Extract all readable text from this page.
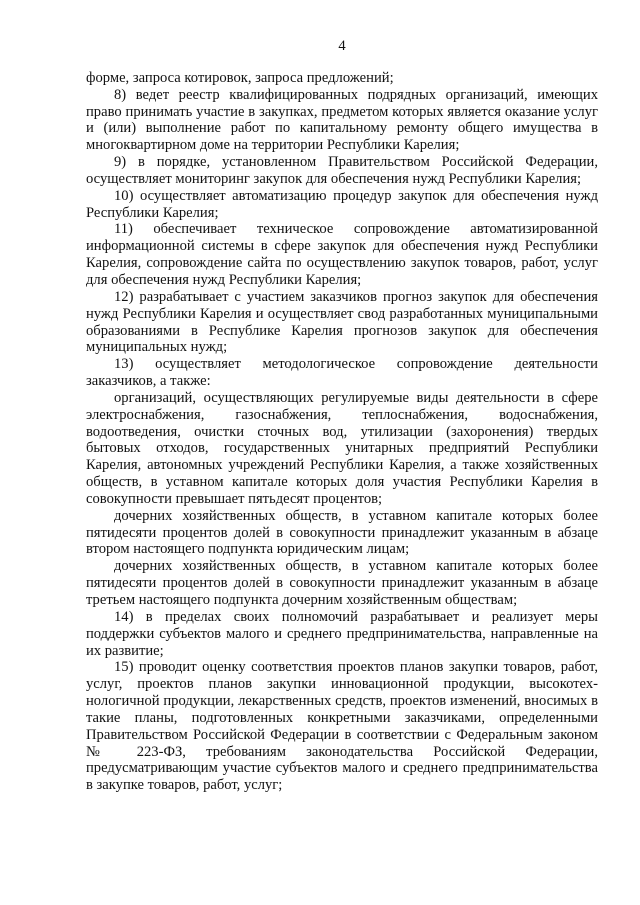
4

форме, запроса котировок, запроса предложений;

8) ведет реестр квалифицированных подрядных организаций, имеющих право принимать участие в закупках, предметом которых является оказание услуг и (или) выполнение работ по капитальному ремонту общего имущества в многоквартирном доме на территории Республики Карелия;

9) в порядке, установленном Правительством Российской Федерации, осуществляет мониторинг закупок для обеспечения нужд Республики Карелия;

10) осуществляет автоматизацию процедур закупок для обеспечения нужд Республики Карелия;

11) обеспечивает техническое сопровождение автоматизированной информационной системы в сфере закупок для обеспечения нужд Республики Карелия, сопровождение сайта по осуществлению закупок товаров, работ, услуг для обеспечения нужд Республики Карелия;

12) разрабатывает с участием заказчиков прогноз закупок для обеспечения нужд Республики Карелия и осуществляет свод разработанных муниципальными образованиями в Республике Карелия прогнозов закупок для обеспечения муниципальных нужд;

13) осуществляет методологическое сопровождение деятельности заказчиков, а также:

организаций, осуществляющих регулируемые виды деятельности в сфере электроснабжения, газоснабжения, теплоснабжения, водоснабжения, водоотведения, очистки сточных вод, утилизации (захоронения) твердых бытовых отходов, государственных унитарных предприятий Республики Карелия, автономных учреждений Республики Карелия, а также хозяйственных обществ, в уставном капитале которых доля участия Республики Карелия в совокупности превышает пятьдесят процентов;

дочерних хозяйственных обществ, в уставном капитале которых более пятидесяти процентов долей в совокупности принадлежит указанным в абзаце втором настоящего подпункта юридическим лицам;

дочерних хозяйственных обществ, в уставном капитале которых более пятидесяти процентов долей в совокупности принадлежит указанным в абзаце третьем настоящего подпункта дочерним хозяйственным обществам;

14) в пределах своих полномочий разрабатывает и реализует меры поддержки субъектов малого и среднего предпринимательства, направленные на их развитие;

15) проводит оценку соответствия проектов планов закупки товаров, работ, услуг, проектов планов закупки инновационной продукции, высокотех-нологичной продукции, лекарственных средств, проектов изменений, вносимых в такие планы, подготовленных конкретными заказчиками, определенными Правительством Российской Федерации в соответствии с Федеральным законом № 223-ФЗ, требованиям законодательства Российской Федерации, предусматривающим участие субъектов малого и среднего предпринимательства в закупке товаров, работ, услуг;
